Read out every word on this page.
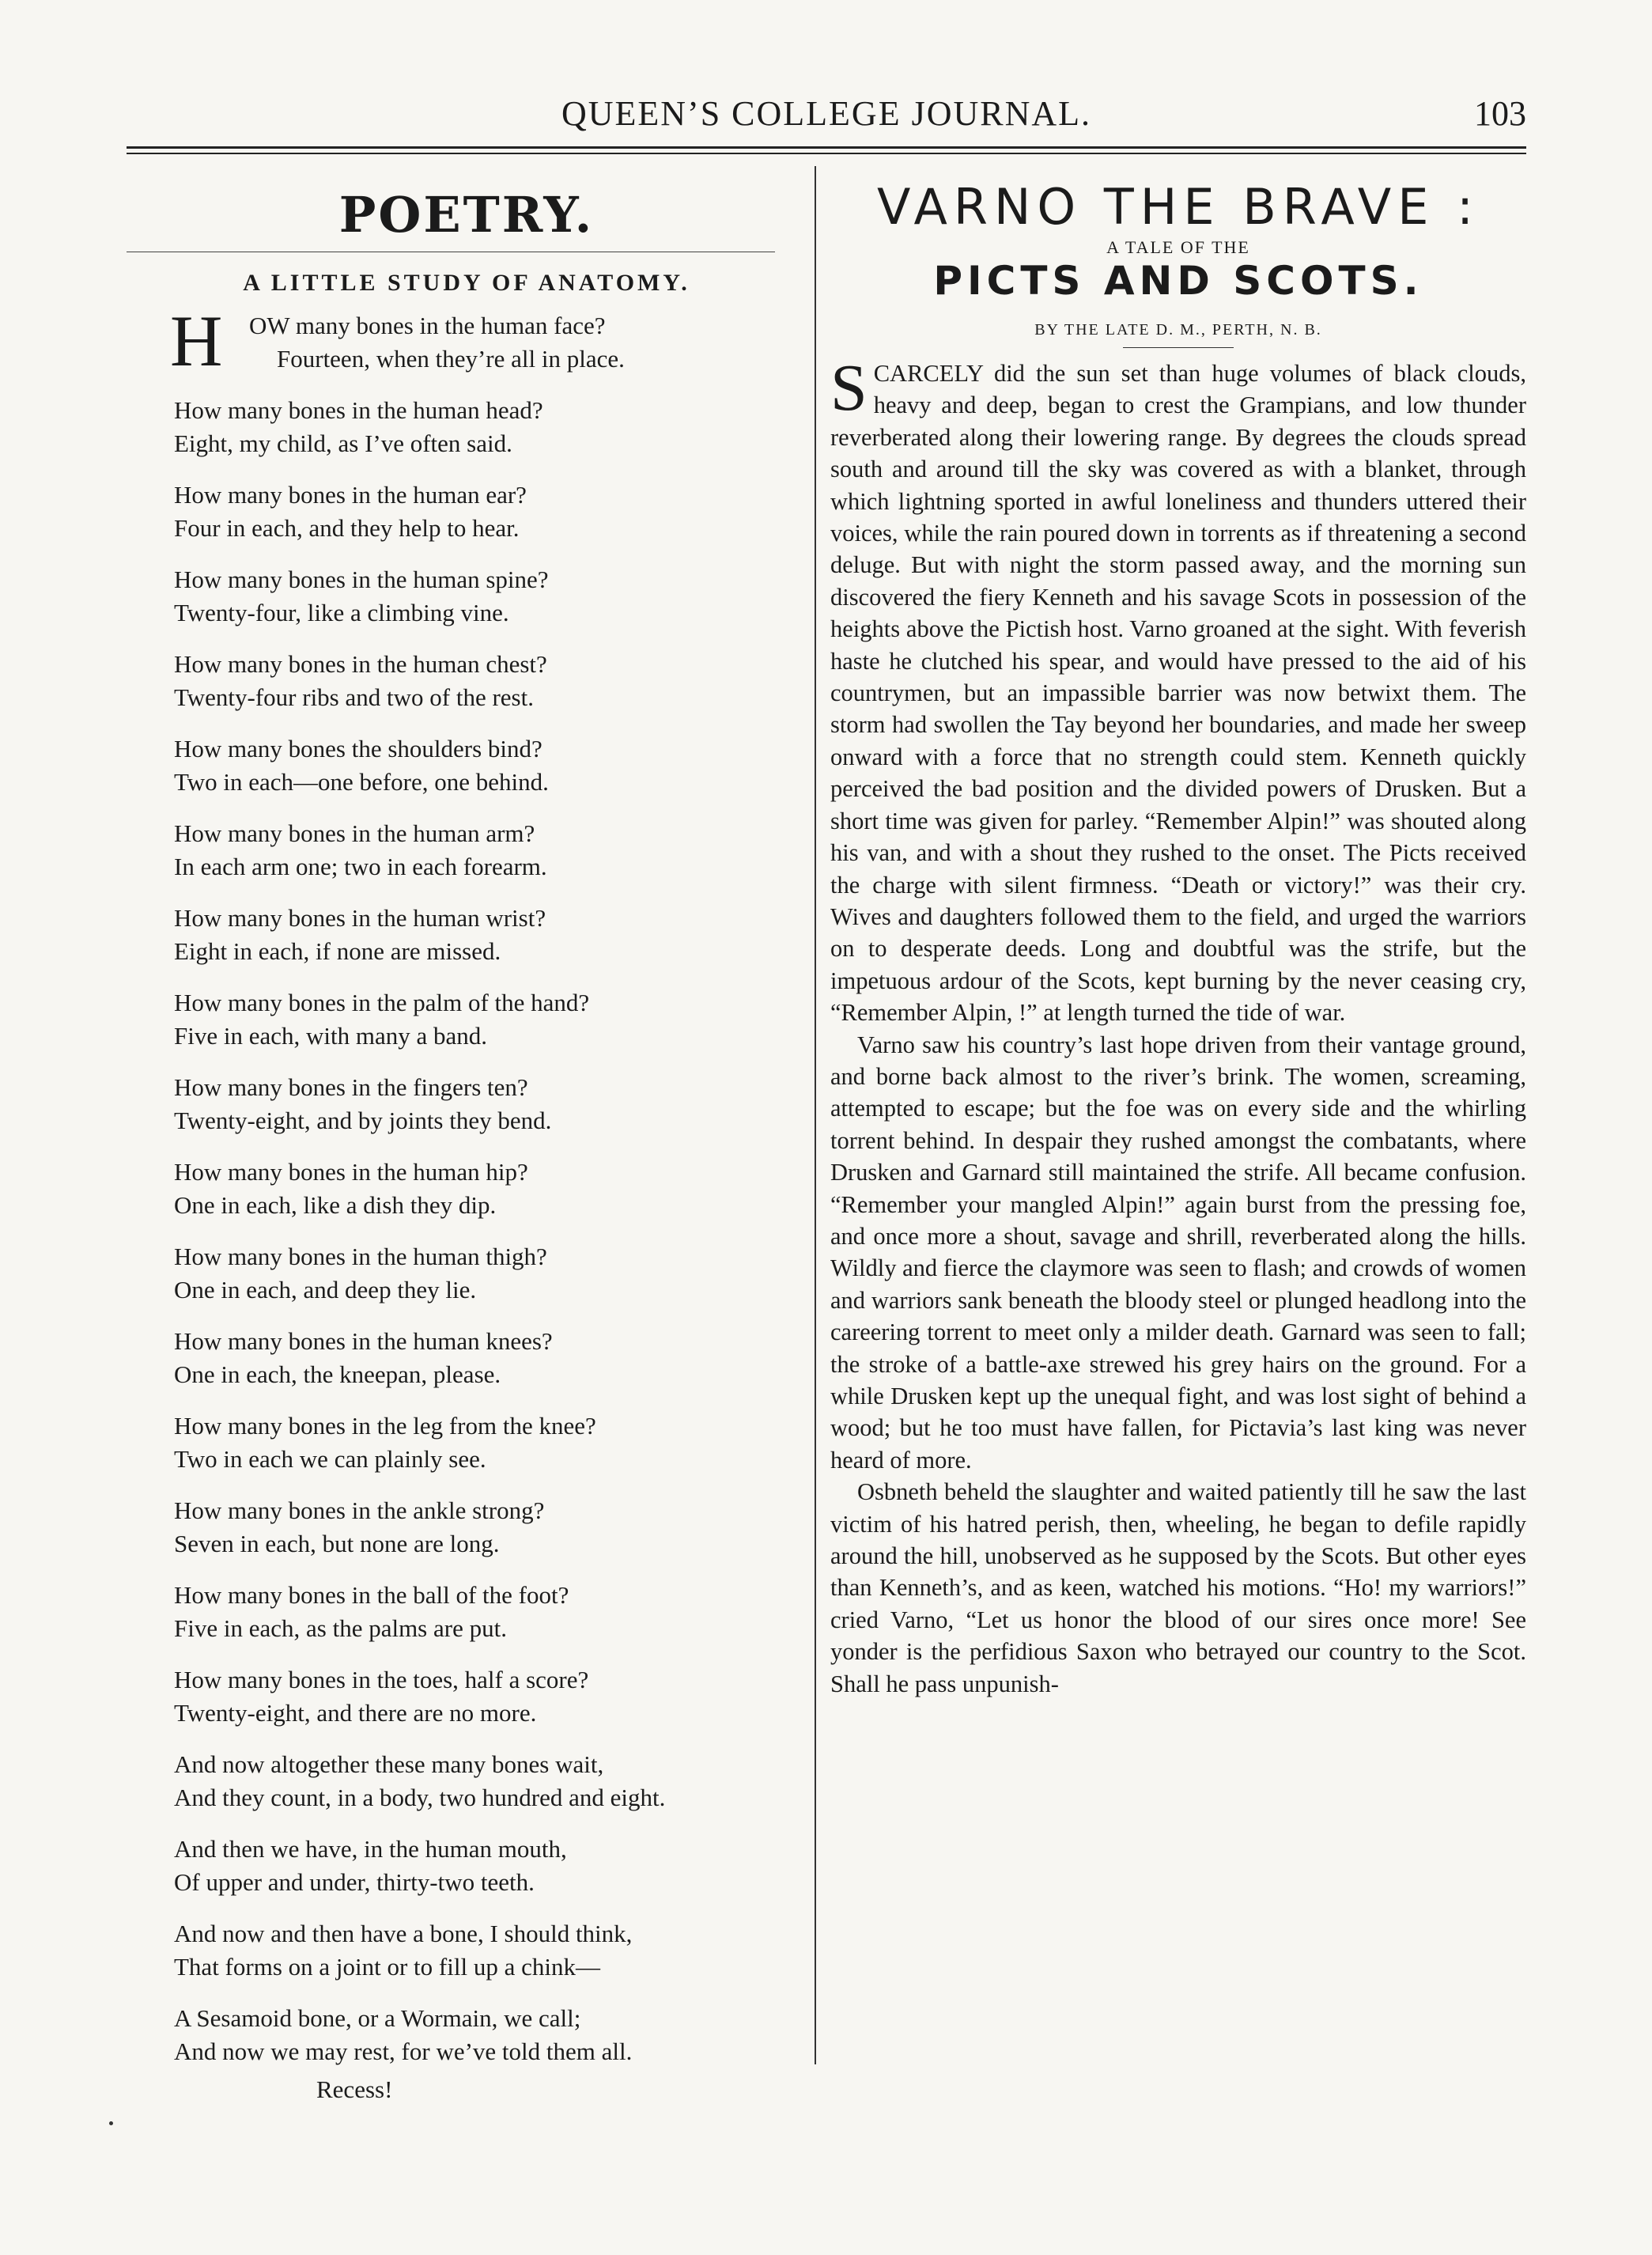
QUEEN’S COLLEGE JOURNAL.	103
POETRY.
A LITTLE STUDY OF ANATOMY.
H	OW many bones in the human face?
Fourteen, when they’re all in place.
How many bones in the human head?
Eight, my child, as I’ve often said.
How many bones in the human ear?
Four in each, and they help to hear.
How many bones in the human spine?
Twenty-four, like a climbing vine.
How many bones in the human chest?
Twenty-four ribs and two of the rest.
How many bones the shoulders bind?
Two in each—one before, one behind.
How many bones in the human arm?
In each arm one; two in each forearm.
How many bones in the human wrist?
Eight in each, if none are missed.
How many bones in the palm of the hand?
Five in each, with many a band.
How many bones in the fingers ten?
Twenty-eight, and by joints they bend.
How many bones in the human hip?
One in each, like a dish they dip.
How many bones in the human thigh?
One in each, and deep they lie.
How many bones in the human knees?
One in each, the kneepan, please.
How many bones in the leg from the knee?
Two in each we can plainly see.
How many bones in the ankle strong?
Seven in each, but none are long.
How many bones in the ball of the foot?
Five in each, as the palms are put.
How many bones in the toes, half a score?
Twenty-eight, and there are no more.
And now altogether these many bones wait,
And they count, in a body, two hundred and eight.
And then we have, in the human mouth,
Of upper and under, thirty-two teeth.
And now and then have a bone, I should think,
That forms on a joint or to fill up a chink—
A Sesamoid bone, or a Wormain, we call;
And now we may rest, for we’ve told them all.
Recess!
VARNO THE BRAVE :
A TALE OF THE
PICTS AND SCOTS.
BY THE LATE D. M., PERTH, N. B.

SCARCELY did the sun set than huge volumes of black clouds, heavy and deep, began to crest the Grampians, and low thunder reverberated along their lowering range. By degrees the clouds spread south and around till the sky was covered as with a blanket, through which lightning sported in awful loneliness and thunders uttered their voices, while the rain poured down in torrents as if threatening a second deluge. But with night the storm passed away, and the morning sun discovered the fiery Kenneth and his savage Scots in possession of the heights above the Pictish host. Varno groaned at the sight. With feverish haste he clutched his spear, and would have pressed to the aid of his countrymen, but an impassible barrier was now betwixt them. The storm had swollen the Tay beyond her boundaries, and made her sweep onward with a force that no strength could stem. Kenneth quickly perceived the bad position and the divided powers of Drusken. But a short time was given for parley. “Remember Alpin!” was shouted along his van, and with a shout they rushed to the onset. The Picts received the charge with silent firmness. “Death or victory!” was their cry. Wives and daughters followed them to the field, and urged the warriors on to desperate deeds. Long and doubtful was the strife, but the impetuous ardour of the Scots, kept burning by the never ceasing cry, “Remember Alpin, !” at length turned the tide of war.

Varno saw his country’s last hope driven from their vantage ground, and borne back almost to the river’s brink. The women, screaming, attempted to escape; but the foe was on every side and the whirling torrent behind. In despair they rushed amongst the combatants, where Drusken and Garnard still maintained the strife. All became confusion. “Remember your mangled Alpin!” again burst from the pressing foe, and once more a shout, savage and shrill, reverberated along the hills. Wildly and fierce the claymore was seen to flash; and crowds of women and warriors sank beneath the bloody steel or plunged headlong into the careering torrent to meet only a milder death. Garnard was seen to fall; the stroke of a battle-axe strewed his grey hairs on the ground. For a while Drusken kept up the unequal fight, and was lost sight of behind a wood; but he too must have fallen, for Pictavia’s last king was never heard of more.

Osbneth beheld the slaughter and waited patiently till he saw the last victim of his hatred perish, then, wheeling, he began to defile rapidly around the hill, unobserved as he supposed by the Scots. But other eyes than Kenneth’s, and as keen, watched his motions. “Ho! my warriors!” cried Varno, “Let us honor the blood of our sires once more! See yonder is the perfidious Saxon who betrayed our country to the Scot. Shall he pass unpunish-
